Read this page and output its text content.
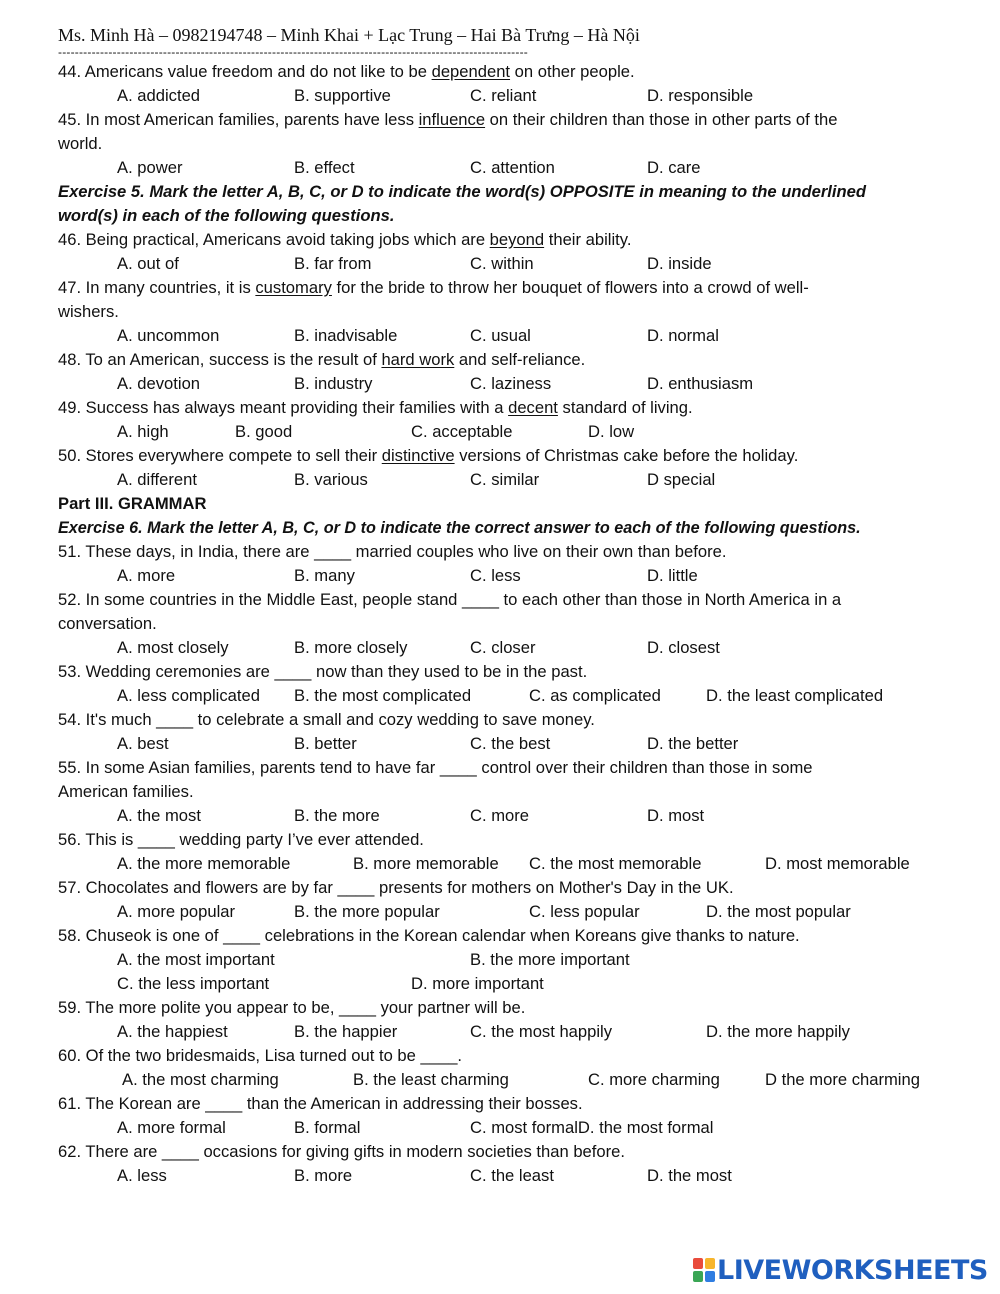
Ms. Minh Hà – 0982194748 – Minh Khai + Lạc Trung – Hai Bà Trưng – Hà Nội
----------------------------------------------------------------------------------------------------------------
44. Americans value freedom and do not like to be dependent on other people.
A. addicted	B. supportive	C. reliant	D. responsible
45. In most American families, parents have less influence on their children than those in other parts of the
world.
A. power	B. effect	C. attention	D. care
Exercise 5. Mark the letter A, B, C, or D to indicate the word(s) OPPOSITE in meaning to the underlined
word(s) in each of the following questions.
46. Being practical, Americans avoid taking jobs which are beyond their ability.
A. out of	B. far from	C. within	D. inside
47. In many countries, it is customary for the bride to throw her bouquet of flowers into a crowd of well-
wishers.
A. uncommon	B. inadvisable	C. usual	D. normal
48. To an American, success is the result of hard work and self-reliance.
A. devotion	B. industry	C. laziness	D. enthusiasm
49. Success has always meant providing their families with a decent standard of living.
A. high	B. good	C. acceptable	D. low
50. Stores everywhere compete to sell their distinctive versions of Christmas cake before the holiday.
A. different	B. various	C. similar	D special
Part III. GRAMMAR
Exercise 6. Mark the letter A, B, C, or D to indicate the correct answer to each of the following questions.
51. These days, in India, there are ____ married couples who live on their own than before.
A. more	B. many	C. less	D. little
52. In some countries in the Middle East, people stand ____ to each other than those in North America in a
conversation.
A. most closely	B. more closely	C. closer	D. closest
53. Wedding ceremonies are ____ now than they used to be in the past.
A. less complicated B. the most complicated	C. as complicated	D. the least complicated
54. It's much ____ to celebrate a small and cozy wedding to save money.
A. best	B. better	C. the best	D. the better
55. In some Asian families, parents tend to have far ____ control over their children than those in some
American families.
A. the most	B. the more	C. more	D. most
56. This is ____ wedding party I’ve ever attended.
A. the more memorable	B. more memorable C. the most memorable	D. most memorable
57. Chocolates and flowers are by far ____ presents for mothers on Mother's Day in the UK.
A. more popular	B. the more popular	C. less popular	D. the most popular
58. Chuseok is one of ____ celebrations in the Korean calendar when Koreans give thanks to nature.
A. the most important	B. the more important
C. the less important	D. more important
59. The more polite you appear to be, ____ your partner will be.
A. the happiest	B. the happier	C. the most happily	D. the more happily
60. Of the two bridesmaids, Lisa turned out to be ____.
A. the most charming	B. the least charming	C. more charming	D the more charming
61. The Korean are ____ than the American in addressing their bosses.
A. more formal	B. formal	C. most formalD. the most formal
62. There are ____ occasions for giving gifts in modern societies than before.
A. less	B. more	C. the least	D. the most
LIVEWORKSHEETS
